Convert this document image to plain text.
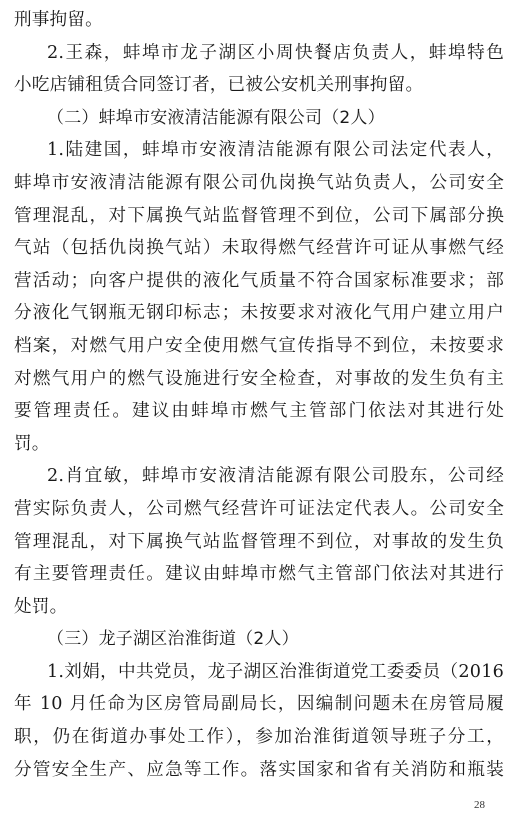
刑事拘留。
2.王森，蚌埠市龙子湖区小周快餐店负责人，蚌埠特色
小吃店铺租赁合同签订者，已被公安机关刑事拘留。
（二）蚌埠市安液清洁能源有限公司（2人）
1.陆建国，蚌埠市安液清洁能源有限公司法定代表人，
蚌埠市安液清洁能源有限公司仇岗换气站负责人，公司安全
管理混乱，对下属换气站监督管理不到位，公司下属部分换
气站（包括仇岗换气站）未取得燃气经营许可证从事燃气经
营活动；向客户提供的液化气质量不符合国家标准要求；部
分液化气钢瓶无钢印标志；未按要求对液化气用户建立用户
档案，对燃气用户安全使用燃气宣传指导不到位，未按要求
对燃气用户的燃气设施进行安全检查，对事故的发生负有主
要管理责任。建议由蚌埠市燃气主管部门依法对其进行处
罚。
2.肖宜敏，蚌埠市安液清洁能源有限公司股东，公司经
营实际负责人，公司燃气经营许可证法定代表人。公司安全
管理混乱，对下属换气站监督管理不到位，对事故的发生负
有主要管理责任。建议由蚌埠市燃气主管部门依法对其进行
处罚。
（三）龙子湖区治淮街道（2人）
1.刘娟，中共党员，龙子湖区治淮街道党工委委员（2016
年 10 月任命为区房管局副局长，因编制问题未在房管局履
职，仍在街道办事处工作），参加治淮街道领导班子分工，
分管安全生产、应急等工作。落实国家和省有关消防和瓶装
28
